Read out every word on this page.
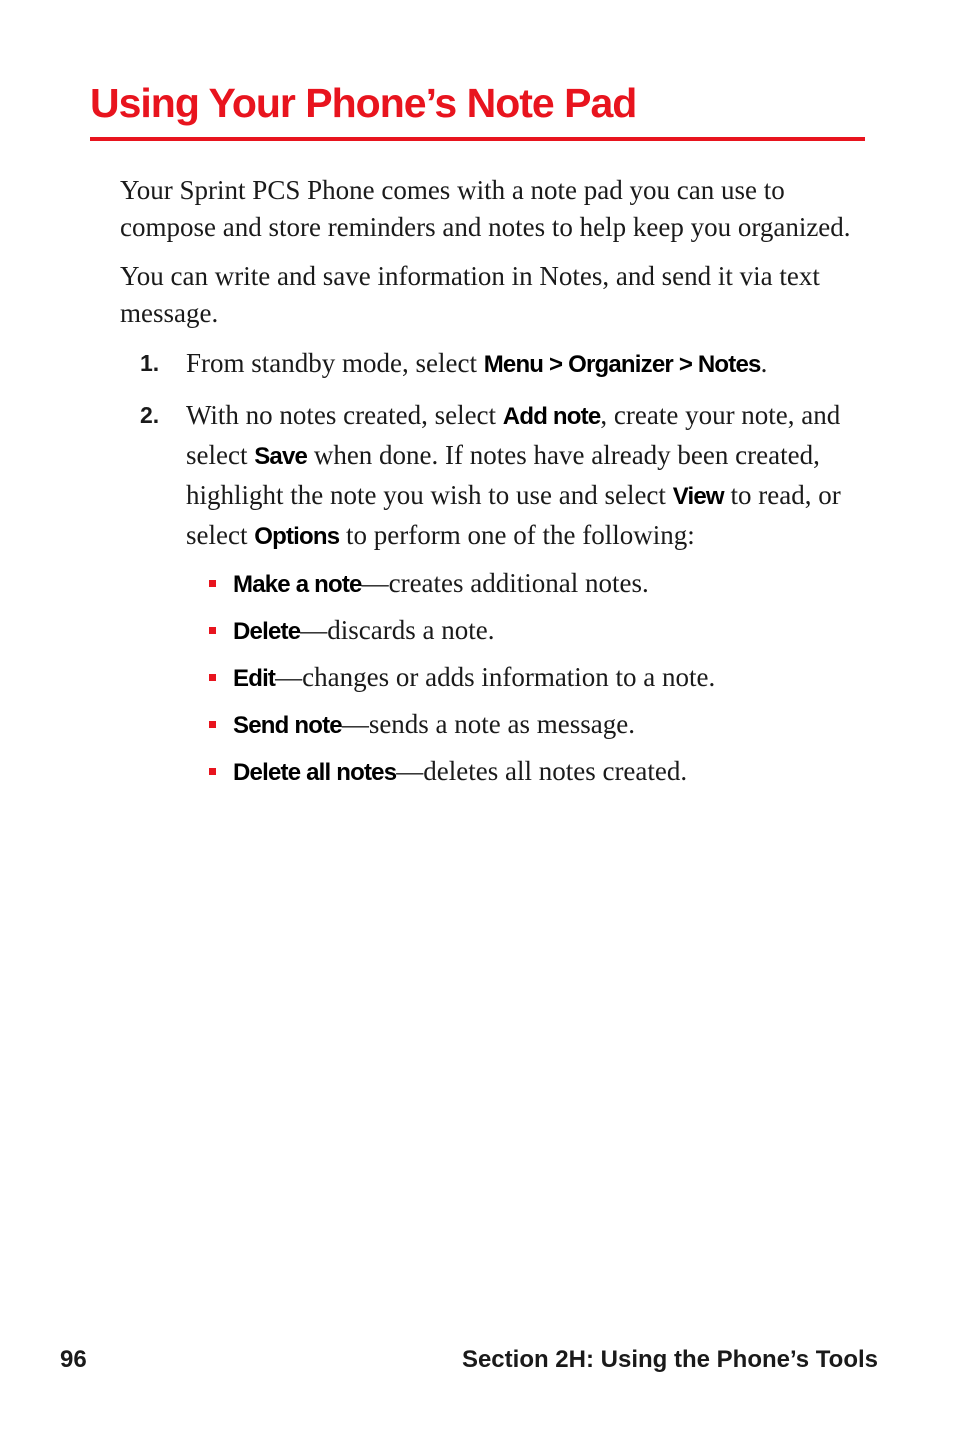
Using Your Phone’s Note Pad

Your Sprint PCS Phone comes with a note pad you can use to compose and store reminders and notes to help keep you organized.

You can write and save information in Notes, and send it via text message.

1. From standby mode, select Menu > Organizer > Notes.
2. With no notes created, select Add note, create your note, and select Save when done. If notes have already been created, highlight the note you wish to use and select View to read, or select Options to perform one of the following:
Make a note—creates additional notes.
Delete—discards a note.
Edit—changes or adds information to a note.
Send note—sends a note as message.
Delete all notes—deletes all notes created.
96	Section 2H: Using the Phone’s Tools
